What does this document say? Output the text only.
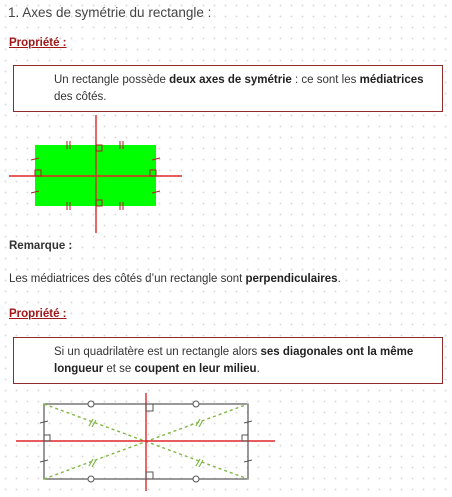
1. Axes de symétrie du rectangle :
Propriété :
Un rectangle possède deux axes de symétrie : ce sont les médiatrices des côtés.
Remarque :
Les médiatrices des côtés d’un rectangle sont perpendiculaires.
Propriété :
Si un quadrilatère est un rectangle alors ses diagonales ont la même longueur et se coupent en leur milieu.
